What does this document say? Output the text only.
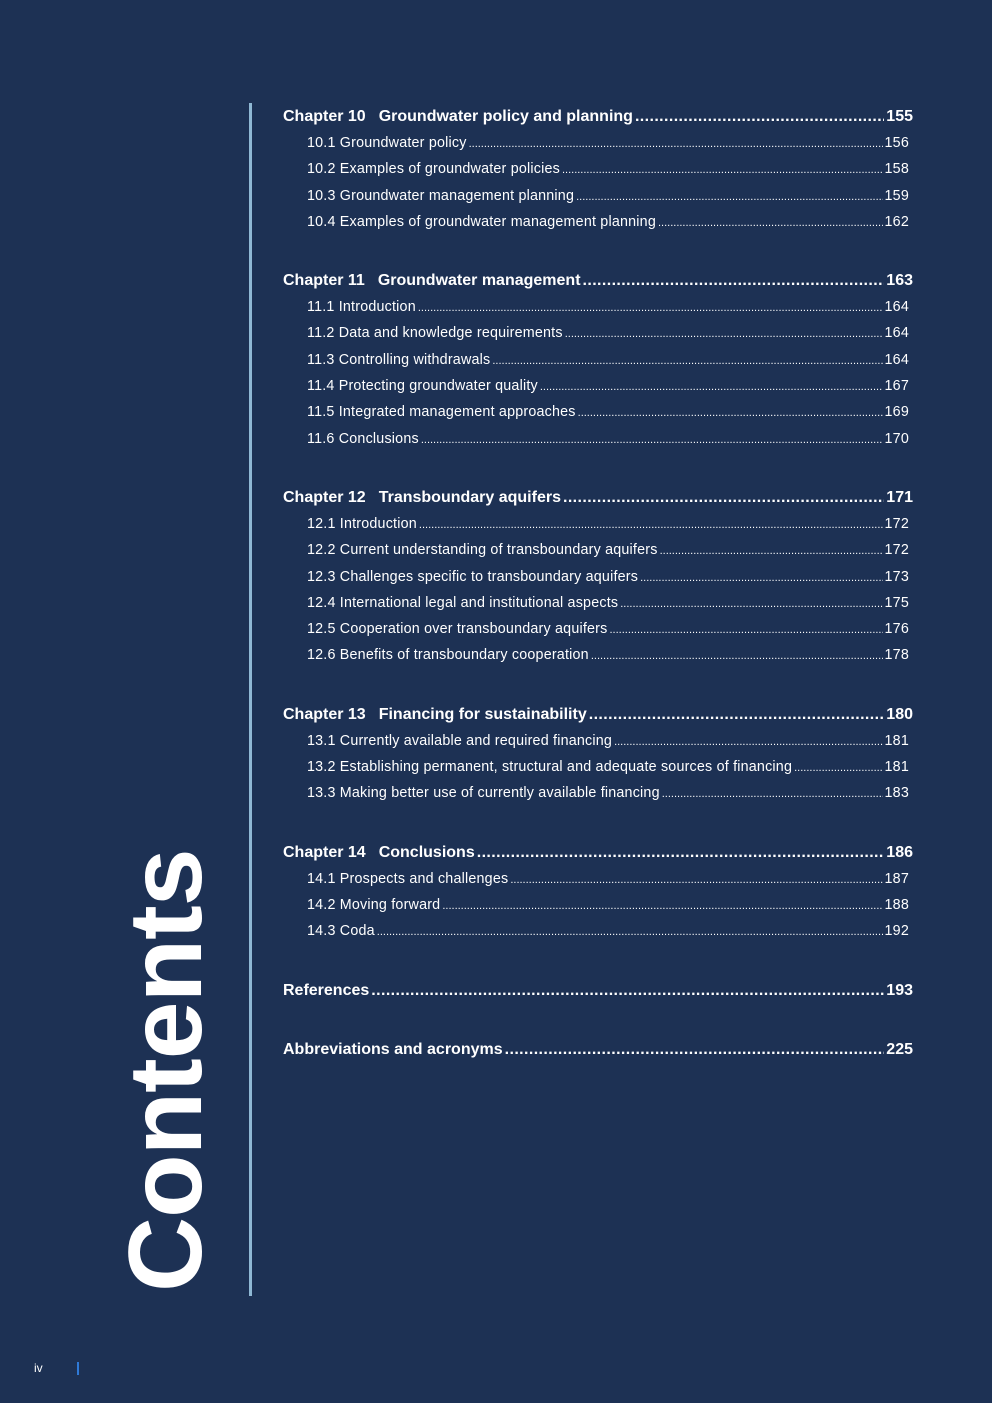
Contents
Chapter 10 Groundwater policy and planning .....	155
10.1 Groundwater policy .....	156
10.2 Examples of groundwater policies .....	158
10.3 Groundwater management planning .....	159
10.4 Examples of groundwater management planning .....	162
Chapter 11 Groundwater management .....	163
11.1 Introduction .....	164
11.2 Data and knowledge requirements .....	164
11.3 Controlling withdrawals .....	164
11.4 Protecting groundwater quality .....	167
11.5 Integrated management approaches .....	169
11.6 Conclusions .....	170
Chapter 12 Transboundary aquifers .....	171
12.1 Introduction .....	172
12.2 Current understanding of transboundary aquifers .....	172
12.3 Challenges specific to transboundary aquifers .....	173
12.4 International legal and institutional aspects .....	175
12.5 Cooperation over transboundary aquifers .....	176
12.6 Benefits of transboundary cooperation .....	178
Chapter 13 Financing for sustainability .....	180
13.1 Currently available and required financing .....	181
13.2 Establishing permanent, structural and adequate sources of financing .....	181
13.3 Making better use of currently available financing .....	183
Chapter 14 Conclusions .....	186
14.1 Prospects and challenges .....	187
14.2 Moving forward .....	188
14.3 Coda .....	192
References .....	193
Abbreviations and acronyms .....	225
iv
